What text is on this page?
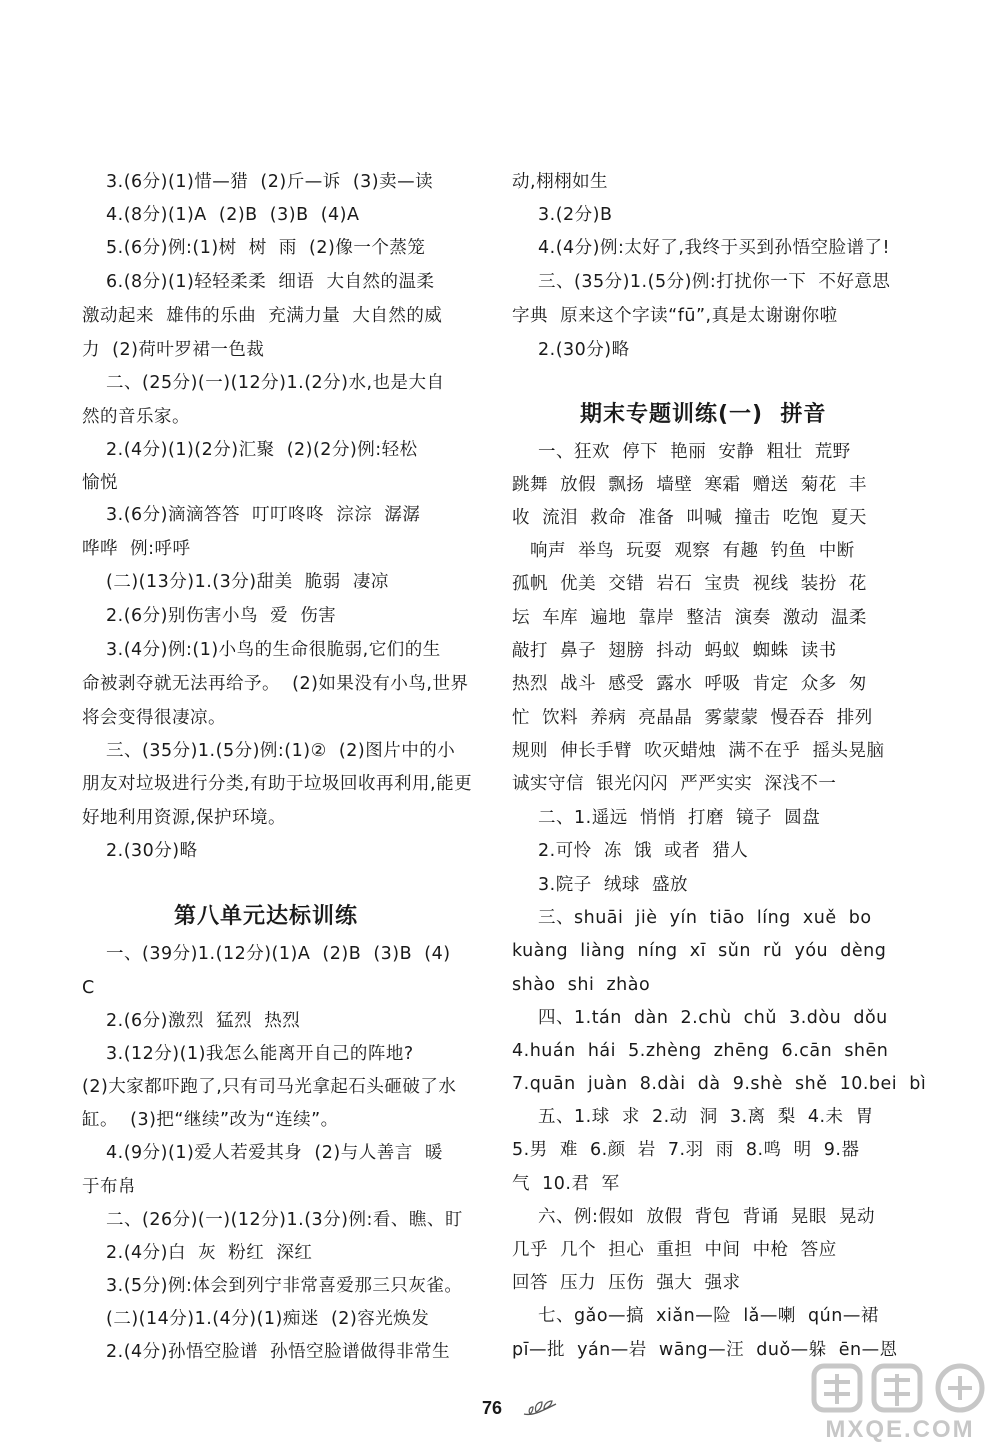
3.(6分)(1)惜—猎  (2)斤—诉  (3)卖—读
4.(8分)(1)A  (2)B  (3)B  (4)A
5.(6分)例:(1)树  树  雨  (2)像一个蒸笼
6.(8分)(1)轻轻柔柔  细语  大自然的温柔
激动起来  雄伟的乐曲  充满力量  大自然的威
力  (2)荷叶罗裙一色裁
二、(25分)(一)(12分)1.(2分)水,也是大自
然的音乐家。
2.(4分)(1)(2分)汇聚  (2)(2分)例:轻松
愉悦
3.(6分)滴滴答答  叮叮咚咚  淙淙  潺潺
哗哗  例:呼呼
(二)(13分)1.(3分)甜美  脆弱  凄凉
2.(6分)别伤害小鸟  爱  伤害
3.(4分)例:(1)小鸟的生命很脆弱,它们的生
命被剥夺就无法再给予。  (2)如果没有小鸟,世界
将会变得很凄凉。
三、(35分)1.(5分)例:(1)②  (2)图片中的小
朋友对垃圾进行分类,有助于垃圾回收再利用,能更
好地利用资源,保护环境。
2.(30分)略
第八单元达标训练
一、(39分)1.(12分)(1)A  (2)B  (3)B  (4)
C
2.(6分)激烈  猛烈  热烈
3.(12分)(1)我怎么能离开自己的阵地?
(2)大家都吓跑了,只有司马光拿起石头砸破了水
缸。  (3)把“继续”改为“连续”。
4.(9分)(1)爱人若爱其身  (2)与人善言  暖
于布帛
二、(26分)(一)(12分)1.(3分)例:看、瞧、盯
2.(4分)白  灰  粉红  深红
3.(5分)例:体会到列宁非常喜爱那三只灰雀。
(二)(14分)1.(4分)(1)痴迷  (2)容光焕发
2.(4分)孙悟空脸谱  孙悟空脸谱做得非常生
动,栩栩如生
3.(2分)B
4.(4分)例:太好了,我终于买到孙悟空脸谱了!
三、(35分)1.(5分)例:打扰你一下  不好意思
字典  原来这个字读“fū”,真是太谢谢你啦
2.(30分)略
期末专题训练(一)  拼音
一、狂欢  停下  艳丽  安静  粗壮  荒野
跳舞  放假  飘扬  墙壁  寒霜  赠送  菊花  丰
收  流泪  救命  准备  叫喊  撞击  吃饱  夏天
响声  举鸟  玩耍  观察  有趣  钓鱼  中断
孤帆  优美  交错  岩石  宝贵  视线  装扮  花
坛  车库  遍地  靠岸  整洁  演奏  激动  温柔
敲打  鼻子  翅膀  抖动  蚂蚁  蜘蛛  读书
热烈  战斗  感受  露水  呼吸  肯定  众多  匆
忙  饮料  养病  亮晶晶  雾蒙蒙  慢吞吞  排列
规则  伸长手臂  吹灭蜡烛  满不在乎  摇头晃脑
诚实守信  银光闪闪  严严实实  深浅不一
二、1.遥远  悄悄  打磨  镜子  圆盘
2.可怜  冻  饿  或者  猎人
3.院子  绒球  盛放
三、shuāi  jiè  yín  tiāo  líng  xuě  bo
kuàng  liàng  níng  xī  sǔn  rǔ  yóu  dèng
shào  shi  zhào
四、1.tán  dàn  2.chù  chǔ  3.dòu  dǒu
4.huán  hái  5.zhèng  zhēng  6.cān  shēn
7.quān  juàn  8.dài  dà  9.shè  shě  10.bei  bì
五、1.球  求  2.动  洞  3.离  梨  4.未  胃
5.男  难  6.颜  岩  7.羽  雨  8.鸣  明  9.器
气  10.君  军
六、例:假如  放假  背包  背诵  晃眼  晃动
几乎  几个  担心  重担  中间  中枪  答应
回答  压力  压伤  强大  强求
七、gǎo—搞  xiǎn—险  lǎ—喇  qún—裙
pī—批  yán—岩  wāng—汪  duǒ—躲  ēn—恩
76
MXQE.COM
